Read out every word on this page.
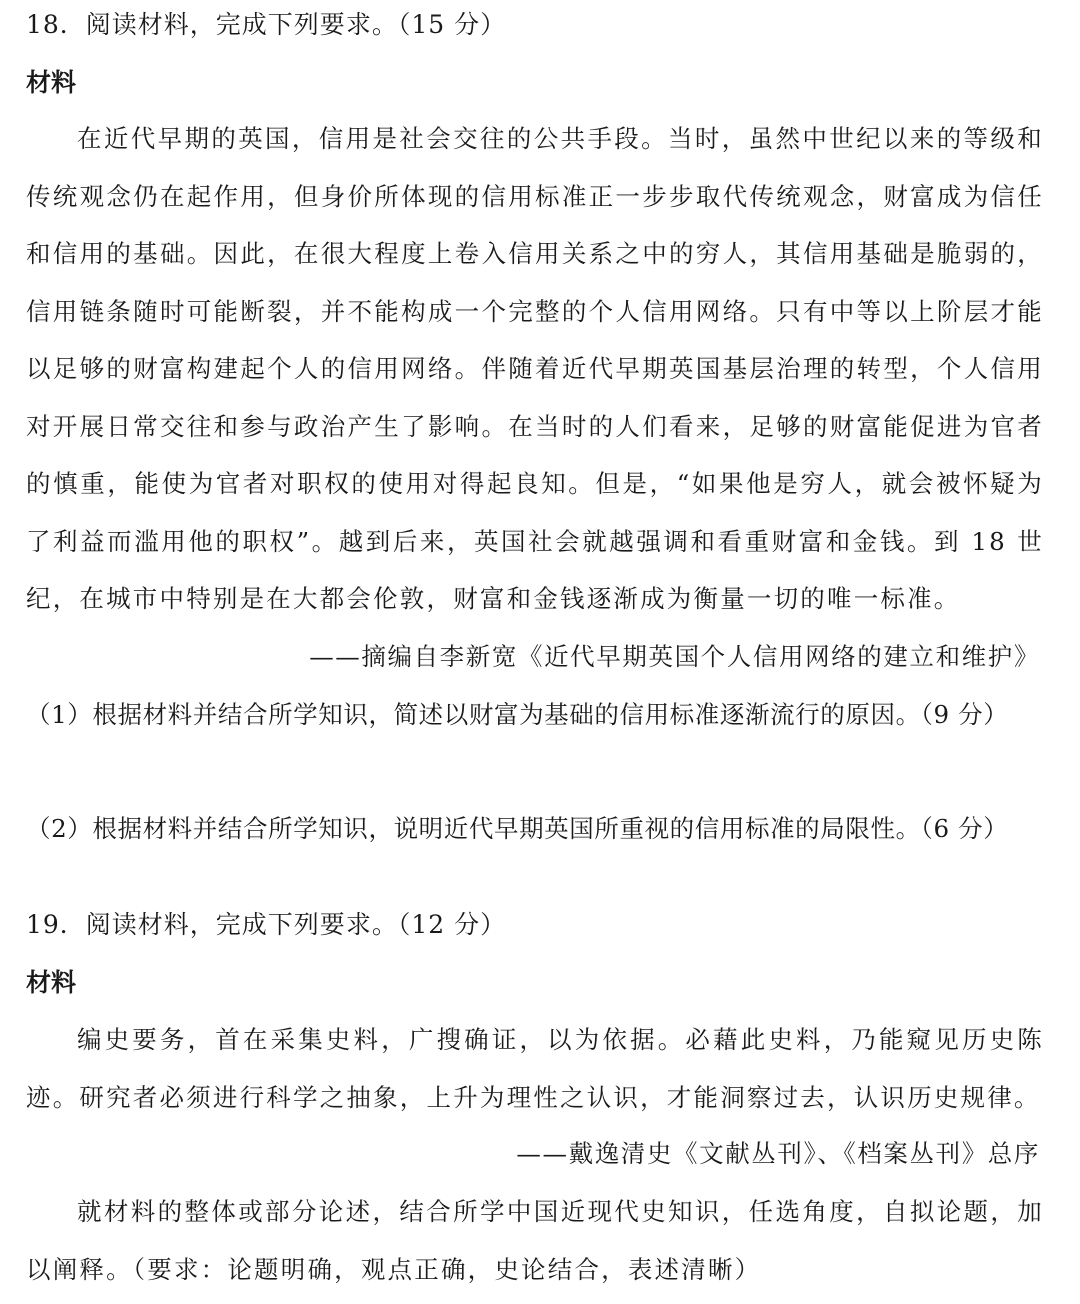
18．阅读材料，完成下列要求。（15 分）
材料

在近代早期的英国，信用是社会交往的公共手段。当时，虽然中世纪以来的等级和传统观念仍在起作用，但身价所体现的信用标准正一步步取代传统观念，财富成为信任和信用的基础。因此，在很大程度上卷入信用关系之中的穷人，其信用基础是脆弱的，信用链条随时可能断裂，并不能构成一个完整的个人信用网络。只有中等以上阶层才能以足够的财富构建起个人的信用网络。伴随着近代早期英国基层治理的转型，个人信用对开展日常交往和参与政治产生了影响。在当时的人们看来，足够的财富能促进为官者的慎重，能使为官者对职权的使用对得起良知。但是，“如果他是穷人，就会被怀疑为了利益而滥用他的职权”。越到后来，英国社会就越强调和看重财富和金钱。到 18 世纪，在城市中特别是在大都会伦敦，财富和金钱逐渐成为衡量一切的唯一标准。

——摘编自李新宽《近代早期英国个人信用网络的建立和维护》
（1）根据材料并结合所学知识，简述以财富为基础的信用标准逐渐流行的原因。（9 分）
（2）根据材料并结合所学知识，说明近代早期英国所重视的信用标准的局限性。（6 分）
19．阅读材料，完成下列要求。（12 分）
材料

编史要务，首在采集史料，广搜确证，以为依据。必藉此史料，乃能窥见历史陈迹。研究者必须进行科学之抽象，上升为理性之认识，才能洞察过去，认识历史规律。

——戴逸清史《文献丛刊》、《档案丛刊》总序

就材料的整体或部分论述，结合所学中国近现代史知识，任选角度，自拟论题，加以阐释。（要求：论题明确，观点正确，史论结合，表述清晰）
